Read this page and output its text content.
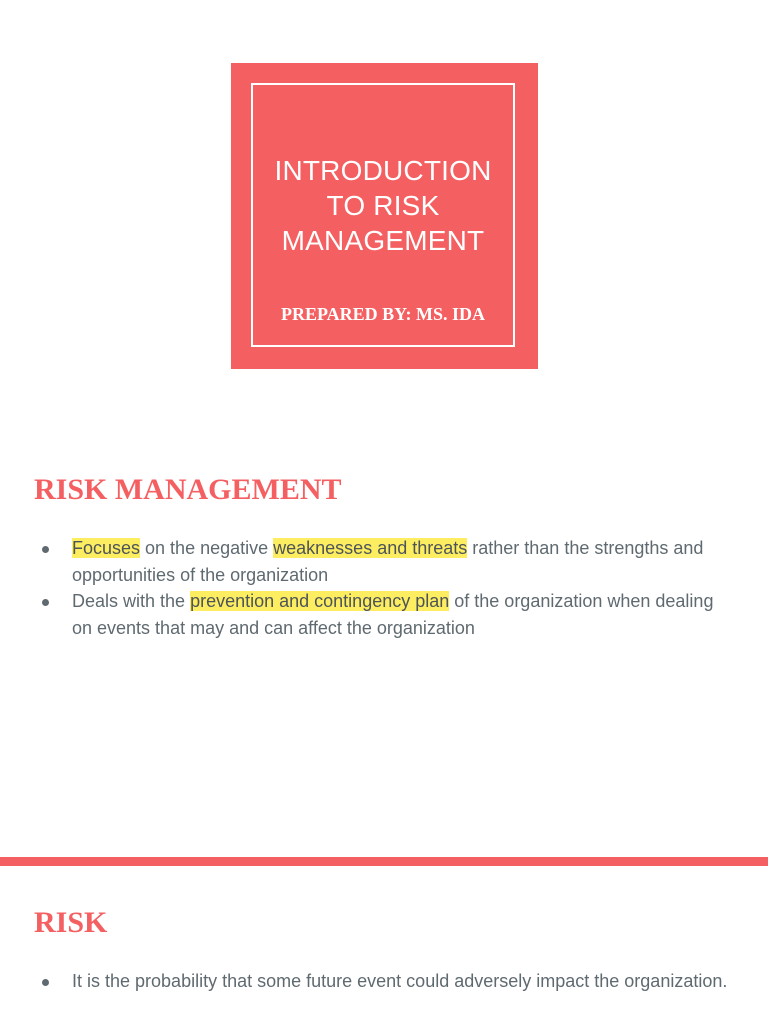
INTRODUCTION
TO RISK
MANAGEMENT
PREPARED BY: MS. IDA
RISK MANAGEMENT
Focuses on the negative weaknesses and threats rather than the strengths and opportunities of the organization
Deals with the prevention and contingency plan of the organization when dealing on events that may and can affect the organization
RISK
It is the probability that some future event could adversely impact the organization.
